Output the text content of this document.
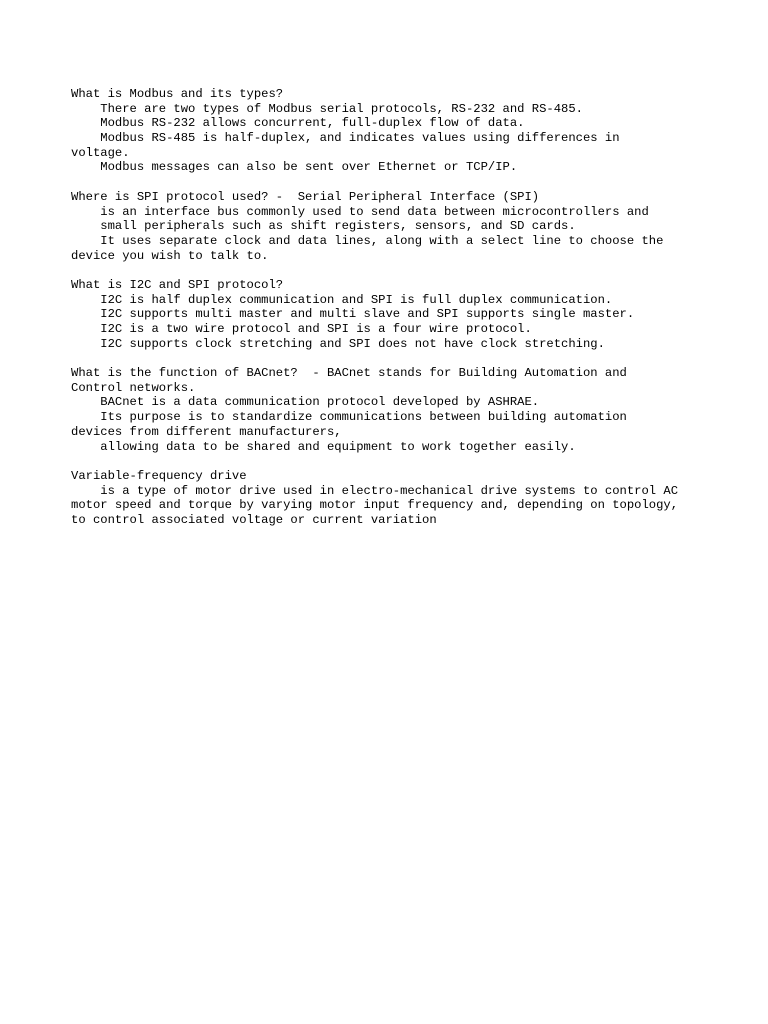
What is Modbus and its types?
There are two types of Modbus serial protocols, RS-232 and RS-485.
Modbus RS-232 allows concurrent, full-duplex flow of data.
Modbus RS-485 is half-duplex, and indicates values using differences in
voltage.
Modbus messages can also be sent over Ethernet or TCP/IP.
Where is SPI protocol used? -  Serial Peripheral Interface (SPI)
is an interface bus commonly used to send data between microcontrollers and
small peripherals such as shift registers, sensors, and SD cards.
It uses separate clock and data lines, along with a select line to choose the
device you wish to talk to.
What is I2C and SPI protocol?
I2C is half duplex communication and SPI is full duplex communication.
I2C supports multi master and multi slave and SPI supports single master.
I2C is a two wire protocol and SPI is a four wire protocol.
I2C supports clock stretching and SPI does not have clock stretching.
What is the function of BACnet?  - BACnet stands for Building Automation and
Control networks.
BACnet is a data communication protocol developed by ASHRAE.
Its purpose is to standardize communications between building automation
devices from different manufacturers,
allowing data to be shared and equipment to work together easily.
Variable-frequency drive
is a type of motor drive used in electro-mechanical drive systems to control AC
motor speed and torque by varying motor input frequency and, depending on topology,
to control associated voltage or current variation
